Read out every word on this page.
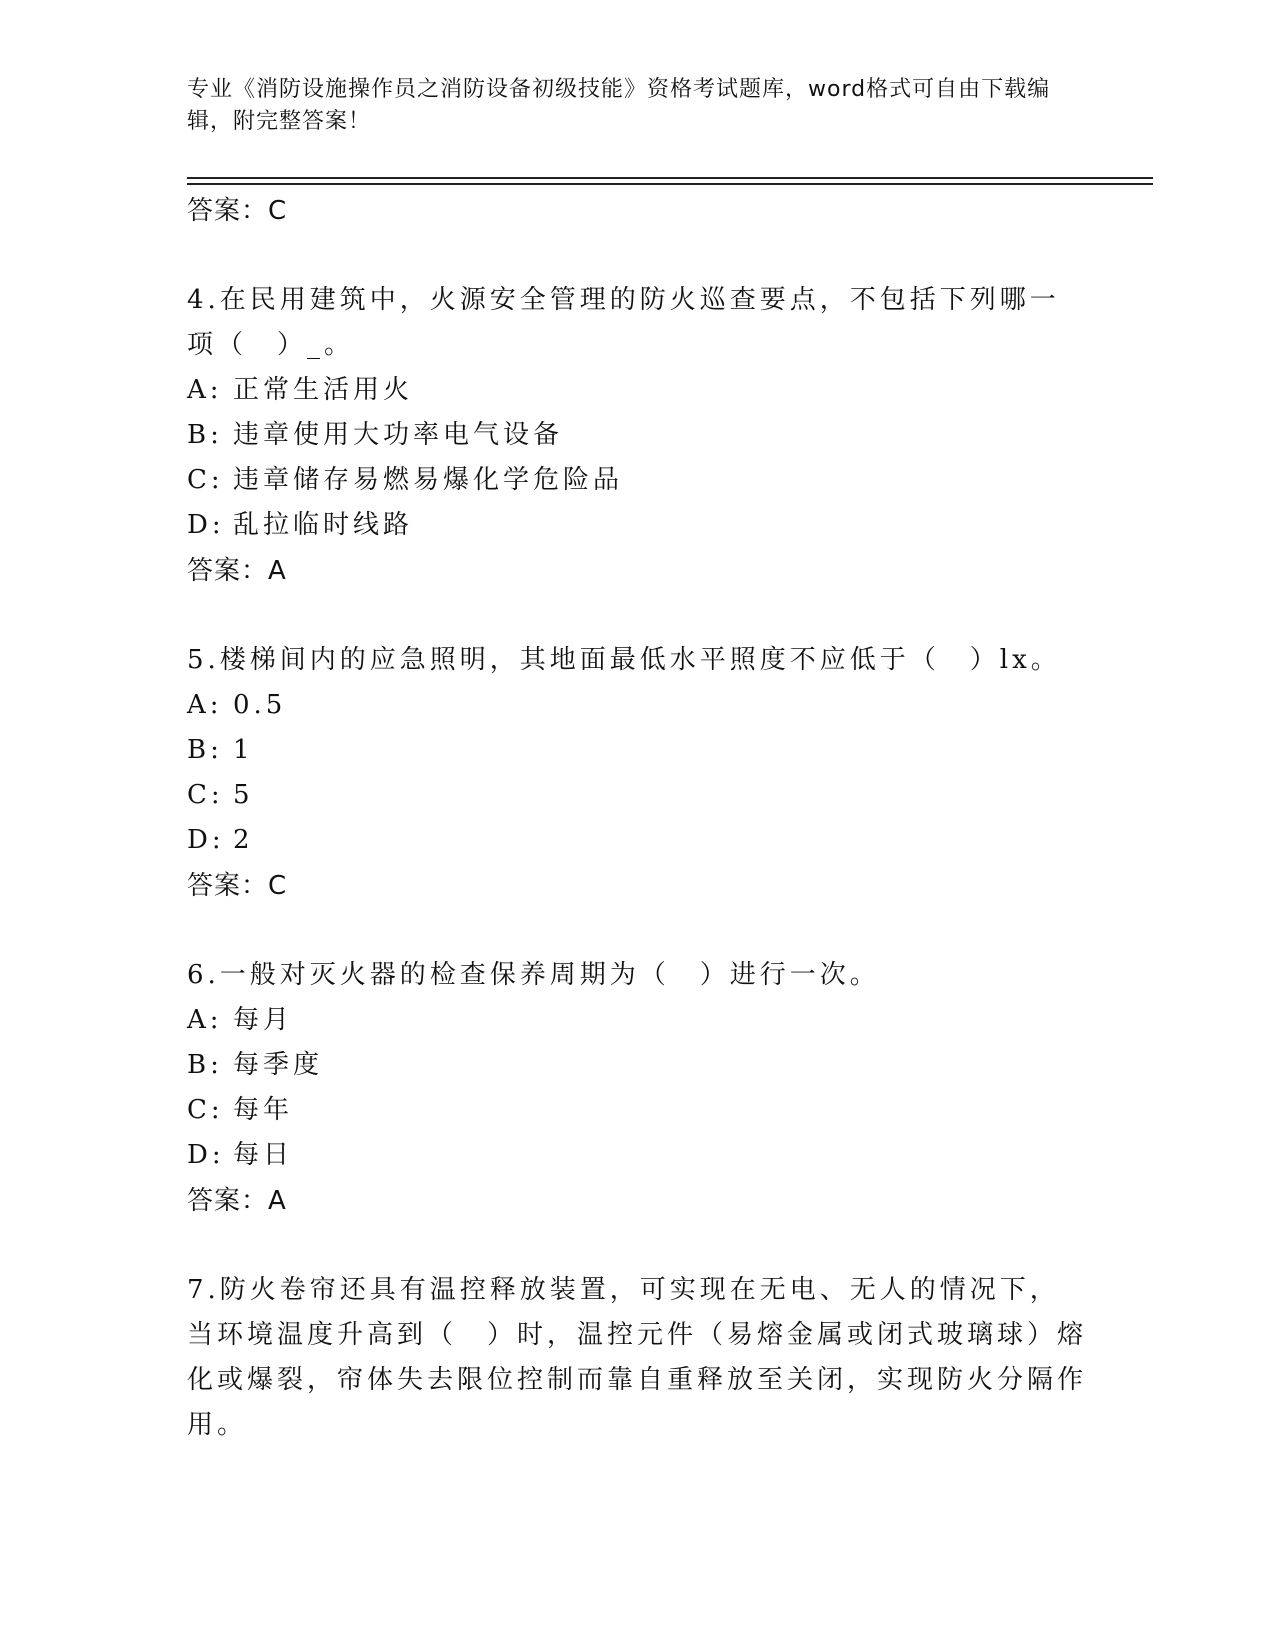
专业《消防设施操作员之消防设备初级技能》资格考试题库，word格式可自由下载编辑，附完整答案！
答案：C
4.在民用建筑中，火源安全管理的防火巡查要点，不包括下列哪一项（　）_。
A: 正常生活用火
B: 违章使用大功率电气设备
C: 违章储存易燃易爆化学危险品
D: 乱拉临时线路
答案：A
5.楼梯间内的应急照明，其地面最低水平照度不应低于（　）lx。
A: 0.5
B: 1
C: 5
D: 2
答案：C
6.一般对灭火器的检查保养周期为（　）进行一次。
A: 每月
B: 每季度
C: 每年
D: 每日
答案：A
7.防火卷帘还具有温控释放装置，可实现在无电、无人的情况下，当环境温度升高到（　）时，温控元件（易熔金属或闭式玻璃球）熔化或爆裂，帘体失去限位控制而靠自重释放至关闭，实现防火分隔作用。
